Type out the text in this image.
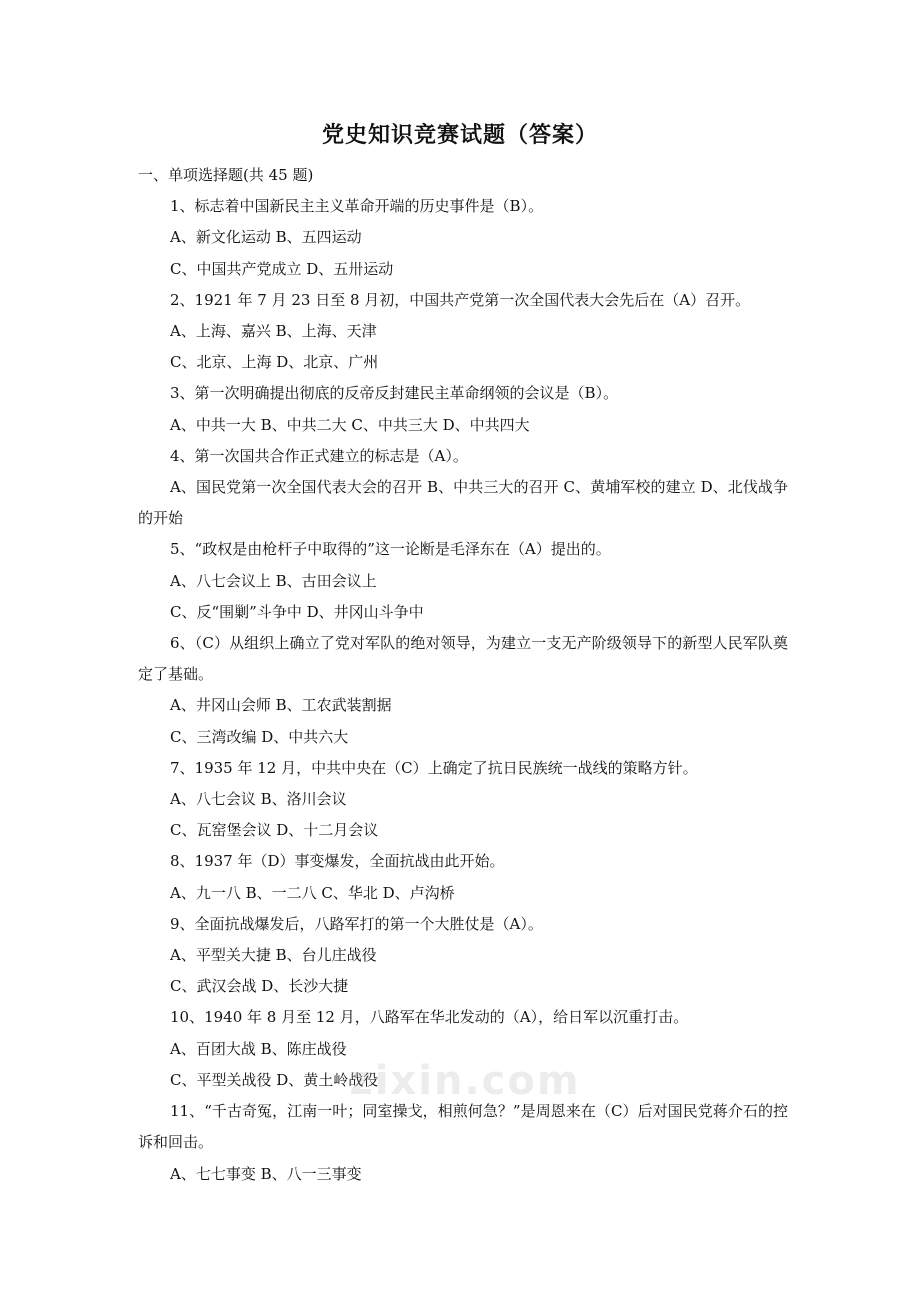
党史知识竞赛试题（答案）
一、单项选择题(共 45 题)
1、标志着中国新民主主义革命开端的历史事件是（B）。
A、新文化运动 B、五四运动
C、中国共产党成立 D、五卅运动
2、1921 年 7 月 23 日至 8 月初，中国共产党第一次全国代表大会先后在（A）召开。
A、上海、嘉兴 B、上海、天津
C、北京、上海 D、北京、广州
3、第一次明确提出彻底的反帝反封建民主革命纲领的会议是（B）。
A、中共一大 B、中共二大 C、中共三大 D、中共四大
4、第一次国共合作正式建立的标志是（A）。
A、国民党第一次全国代表大会的召开 B、中共三大的召开 C、黄埔军校的建立 D、北伐战争的开始
5、“政权是由枪杆子中取得的”这一论断是毛泽东在（A）提出的。
A、八七会议上 B、古田会议上
C、反“围剿”斗争中 D、井冈山斗争中
6、（C）从组织上确立了党对军队的绝对领导，为建立一支无产阶级领导下的新型人民军队奠定了基础。
A、井冈山会师 B、工农武装割据
C、三湾改编 D、中共六大
7、1935 年 12 月，中共中央在（C）上确定了抗日民族统一战线的策略方针。
A、八七会议 B、洛川会议
C、瓦窑堡会议 D、十二月会议
8、1937 年（D）事变爆发，全面抗战由此开始。
A、九一八 B、一二八 C、华北 D、卢沟桥
9、全面抗战爆发后，八路军打的第一个大胜仗是（A）。
A、平型关大捷 B、台儿庄战役
C、武汉会战 D、长沙大捷
10、1940 年 8 月至 12 月，八路军在华北发动的（A），给日军以沉重打击。
A、百团大战 B、陈庄战役
C、平型关战役 D、黄土岭战役
11、“千古奇冤，江南一叶；同室操戈，相煎何急？”是周恩来在（C）后对国民党蒋介石的控诉和回击。
A、七七事变 B、八一三事变
zixin.com
